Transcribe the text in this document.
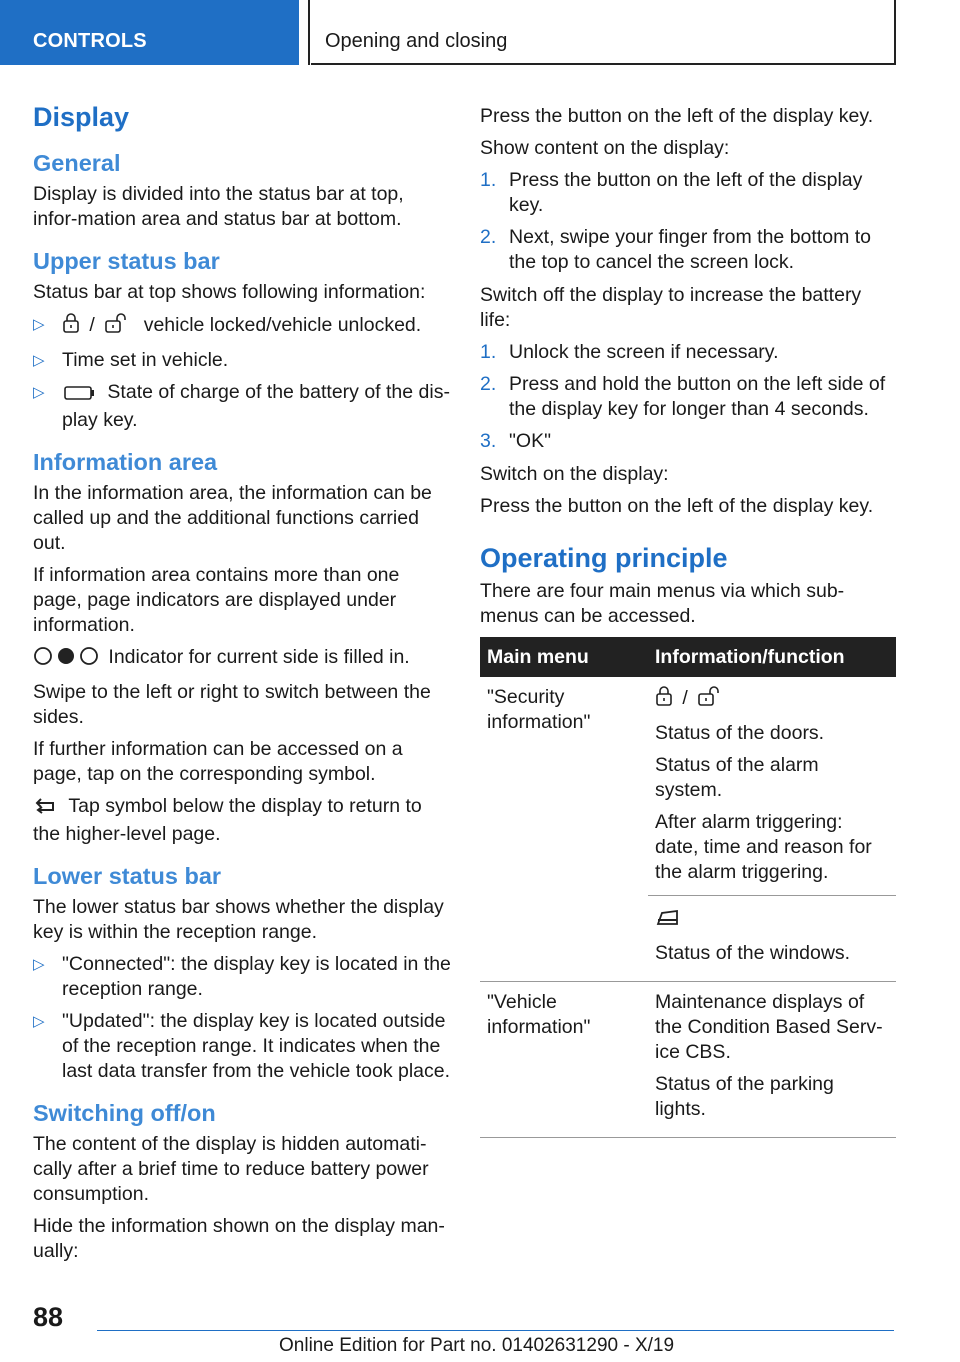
CONTROLS	Opening and closing
Display
General

Display is divided into the status bar at top, infor-mation area and status bar at bottom.

Upper status bar

Status bar at top shows following information:

▷ /	vehicle locked/vehicle unlocked.
▷ Time set in vehicle.
▷	State of charge of the battery of the dis-play key.
Information area

In the information area, the information can be called up and the additional functions carried out.

If information area contains more than one page, page indicators are displayed under information.

Indicator for current side is filled in.

Swipe to the left or right to switch between the sides.

If further information can be accessed on a page, tap on the corresponding symbol.

Tap symbol below the display to return to the higher-level page.

Lower status bar

The lower status bar shows whether the display key is within the reception range.

▷ "Connected": the display key is located in the reception range.
▷ "Updated": the display key is located outside of the reception range. It indicates when the last data transfer from the vehicle took place.
Switching off/on

The content of the display is hidden automati-cally after a brief time to reduce battery power consumption.

Hide the information shown on the display man-ually:

Press the button on the left of the display key.

Show content on the display:

1. Press the button on the left of the display key.
2. Next, swipe your finger from the bottom to the top to cancel the screen lock.

Switch off the display to increase the battery life:

1. Unlock the screen if necessary.
2. Press and hold the button on the left side of the display key for longer than 4 seconds.
3. "OK"

Switch on the display:

Press the button on the left of the display key.

Operating principle

There are four main menus via which sub-menus can be accessed.

Main menu	Information/function
"Security information"	/

Status of the doors.

Status of the alarm system.

After alarm triggering: date, time and reason for the alarm triggering.

Status of the windows.

"Vehicle information"	Maintenance displays of the Condition Based Serv-ice CBS.

Status of the parking lights.

88
Online Edition for Part no. 01402631290 - X/19
